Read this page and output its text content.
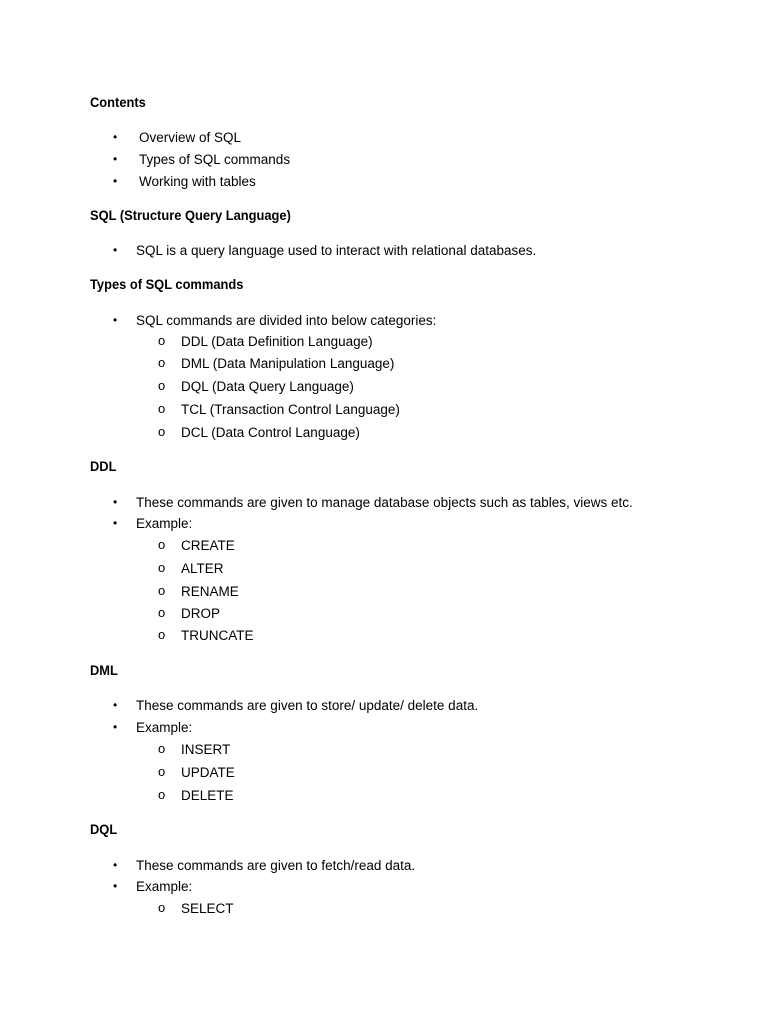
Contents
• Overview of SQL
• Types of SQL commands
• Working with tables
SQL (Structure Query Language)
• SQL is a query language used to interact with relational databases.
Types of SQL commands
• SQL commands are divided into below categories:
o DDL (Data Definition Language)
o DML (Data Manipulation Language)
o DQL (Data Query Language)
o TCL (Transaction Control Language)
o DCL (Data Control Language)
DDL
• These commands are given to manage database objects such as tables, views etc.
• Example:
o CREATE
o ALTER
o RENAME
o DROP
o TRUNCATE
DML
• These commands are given to store/ update/ delete data.
• Example:
o INSERT
o UPDATE
o DELETE
DQL
• These commands are given to fetch/read data.
• Example:
o SELECT
